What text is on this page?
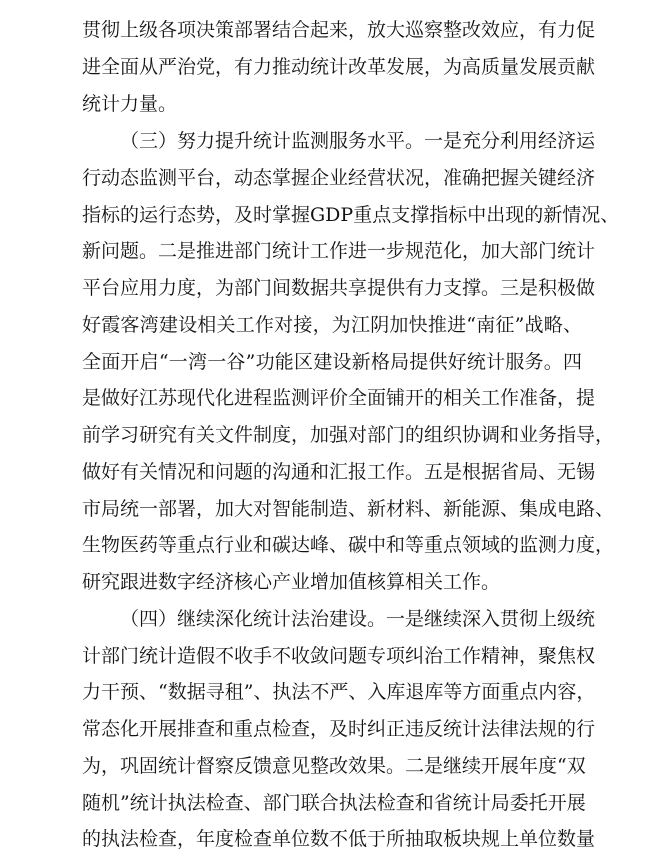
贯彻上级各项决策部署结合起来，放大巡察整改效应，有力促
进全面从严治党，有力推动统计改革发展，为高质量发展贡献
统计力量。
（三）努力提升统计监测服务水平。一是充分利用经济运
行动态监测平台，动态掌握企业经营状况，准确把握关键经济
指标的运行态势，及时掌握GDP重点支撑指标中出现的新情况、
新问题。二是推进部门统计工作进一步规范化，加大部门统计
平台应用力度，为部门间数据共享提供有力支撑。三是积极做
好霞客湾建设相关工作对接，为江阴加快推进“南征”战略、
全面开启“一湾一谷”功能区建设新格局提供好统计服务。四
是做好江苏现代化进程监测评价全面铺开的相关工作准备，提
前学习研究有关文件制度，加强对部门的组织协调和业务指导，
做好有关情况和问题的沟通和汇报工作。五是根据省局、无锡
市局统一部署，加大对智能制造、新材料、新能源、集成电路、
生物医药等重点行业和碳达峰、碳中和等重点领域的监测力度，
研究跟进数字经济核心产业增加值核算相关工作。
（四）继续深化统计法治建设。一是继续深入贯彻上级统
计部门统计造假不收手不收敛问题专项纠治工作精神，聚焦权
力干预、“数据寻租”、执法不严、入库退库等方面重点内容，
常态化开展排查和重点检查，及时纠正违反统计法律法规的行
为，巩固统计督察反馈意见整改效果。二是继续开展年度“双
随机”统计执法检查、部门联合执法检查和省统计局委托开展
的执法检查，年度检查单位数不低于所抽取板块规上单位数量
